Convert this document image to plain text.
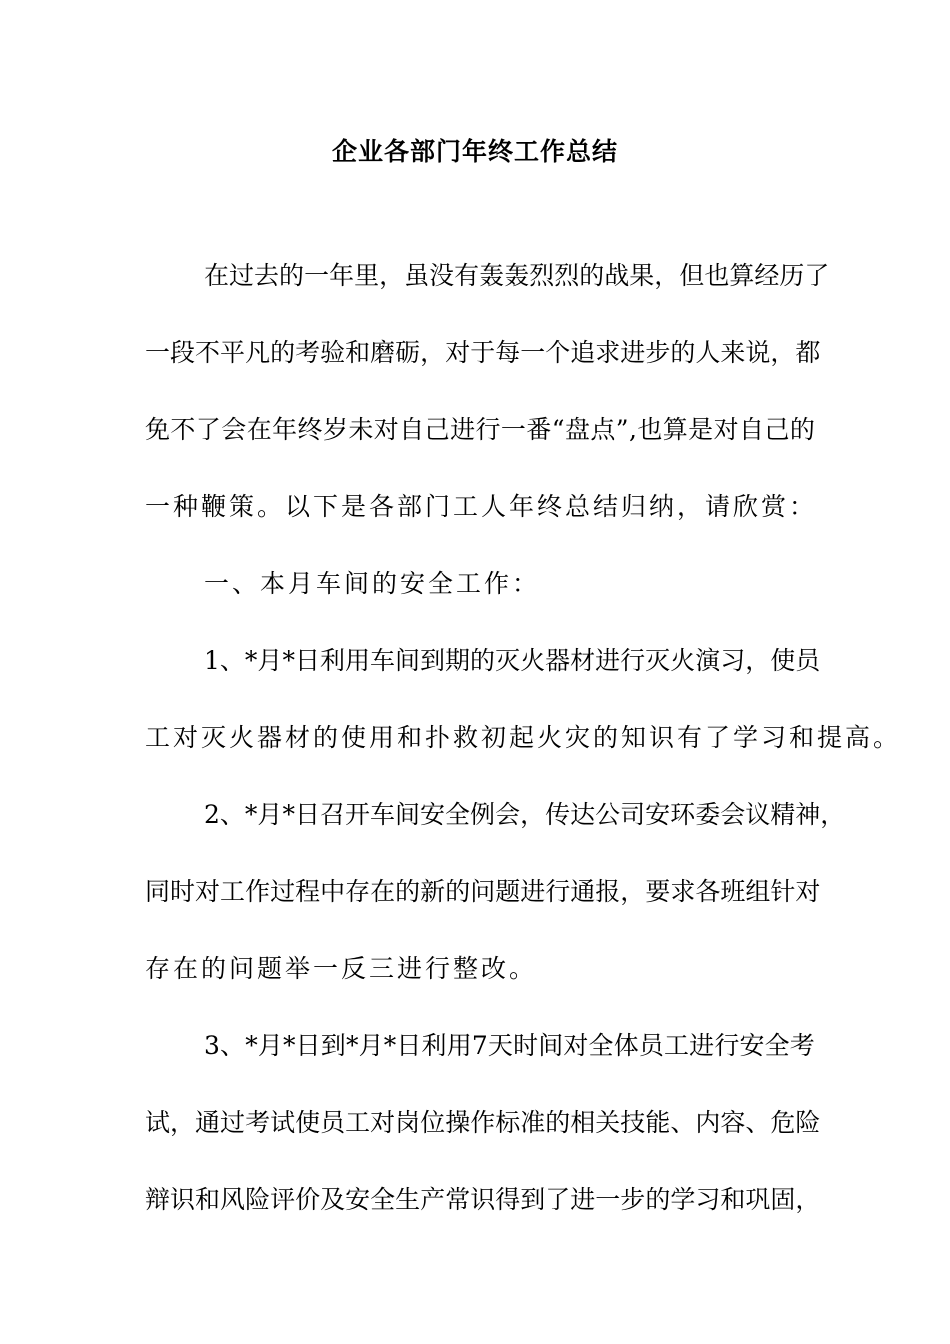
企业各部门年终工作总结
在 过 去 的 一 年 里 ， 虽 没 有 轰 轰 烈 烈 的 战 果 ， 但 也 算 经 历 了
一 段 不 平 凡 的 考 验 和 磨 砺 ， 对 于 每 一 个 追 求 进 步 的 人 来 说 ， 都
免 不 了 会 在 年 终 岁 未 对 自 己 进 行 一 番 “ 盘 点 ” , 也 算 是 对 自 己 的
一种鞭策。以下是各部门工人年终总结归纳，请欣赏：
一、本月车间的安全工作：
1 、 * 月 * 日 利 用 车 间 到 期 的 灭 火 器 材 进 行 灭 火 演 习 ， 使 员
工对灭火器材的使用和扑救初起火灾的知识有了学习和提高。
2 、 * 月 * 日 召 开 车 间 安 全 例 会 ， 传 达 公 司 安 环 委 会 议 精 神 ，
同 时 对 工 作 过 程 中 存 在 的 新 的 问 题 进 行 通 报 ， 要 求 各 班 组 针 对
存在的问题举一反三进行整改。
3 、 * 月 * 日 到 * 月 * 日 利 用 7 天 时 间 对 全 体 员 工 进 行 安 全 考
试 ， 通 过 考 试 使 员 工 对 岗 位 操 作 标 准 的 相 关 技 能 、 内 容 、 危 险
辩 识 和 风 险 评 价 及 安 全 生 产 常 识 得 到 了 进 一 步 的 学 习 和 巩 固 ，
